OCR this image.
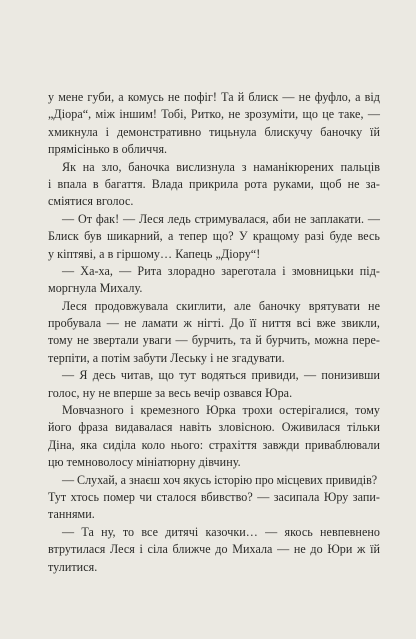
у мене губи, а комусь не пофіг! Та й блиск — не фуфло, а від
„Діора“, між іншим! Тобі, Ритко, не зрозуміти, що це таке, —
хмикнула і демонстративно тицьнула блискучу баночку їй
прямісінько в обличчя.
Як на зло, баночка вислизнула з наманікюрених пальців
і впала в багаття. Влада прикрила рота руками, щоб не за-
сміятися вголос.
— От фак! — Леся ледь стримувалася, аби не заплакати. —
Блиск був шикарний, а тепер що? У кращому разі буде весь
у кіптяві, а в гіршому… Капець „Діору“!
— Ха-ха, — Рита злорадно зареготала і змовницьки під-
моргнула Михалу.
Леся продовжувала скиглити, але баночку врятувати не
пробувала — не ламати ж нігті. До її ниття всі вже звикли,
тому не звертали уваги — бурчить, та й бурчить, можна пере-
терпіти, а потім забути Леську і не згадувати.
— Я десь читав, що тут водяться привиди, — понизивши
голос, ну не вперше за весь вечір озвався Юра.
Мовчазного і кремезного Юрка трохи остерігалися, тому
його фраза видавалася навіть зловісною. Оживилася тільки
Діна, яка сиділа коло нього: страхіття завжди приваблювали
цю темноволосу мініатюрну дівчину.
— Слухай, а знаєш хоч якусь історію про місцевих привидів?
Тут хтось помер чи сталося вбивство? — засипала Юру запи-
таннями.
— Та ну, то все дитячі казочки… — якось невпевнено
втрутилася Леся і сіла ближче до Михала — не до Юри ж їй
тулитися.
